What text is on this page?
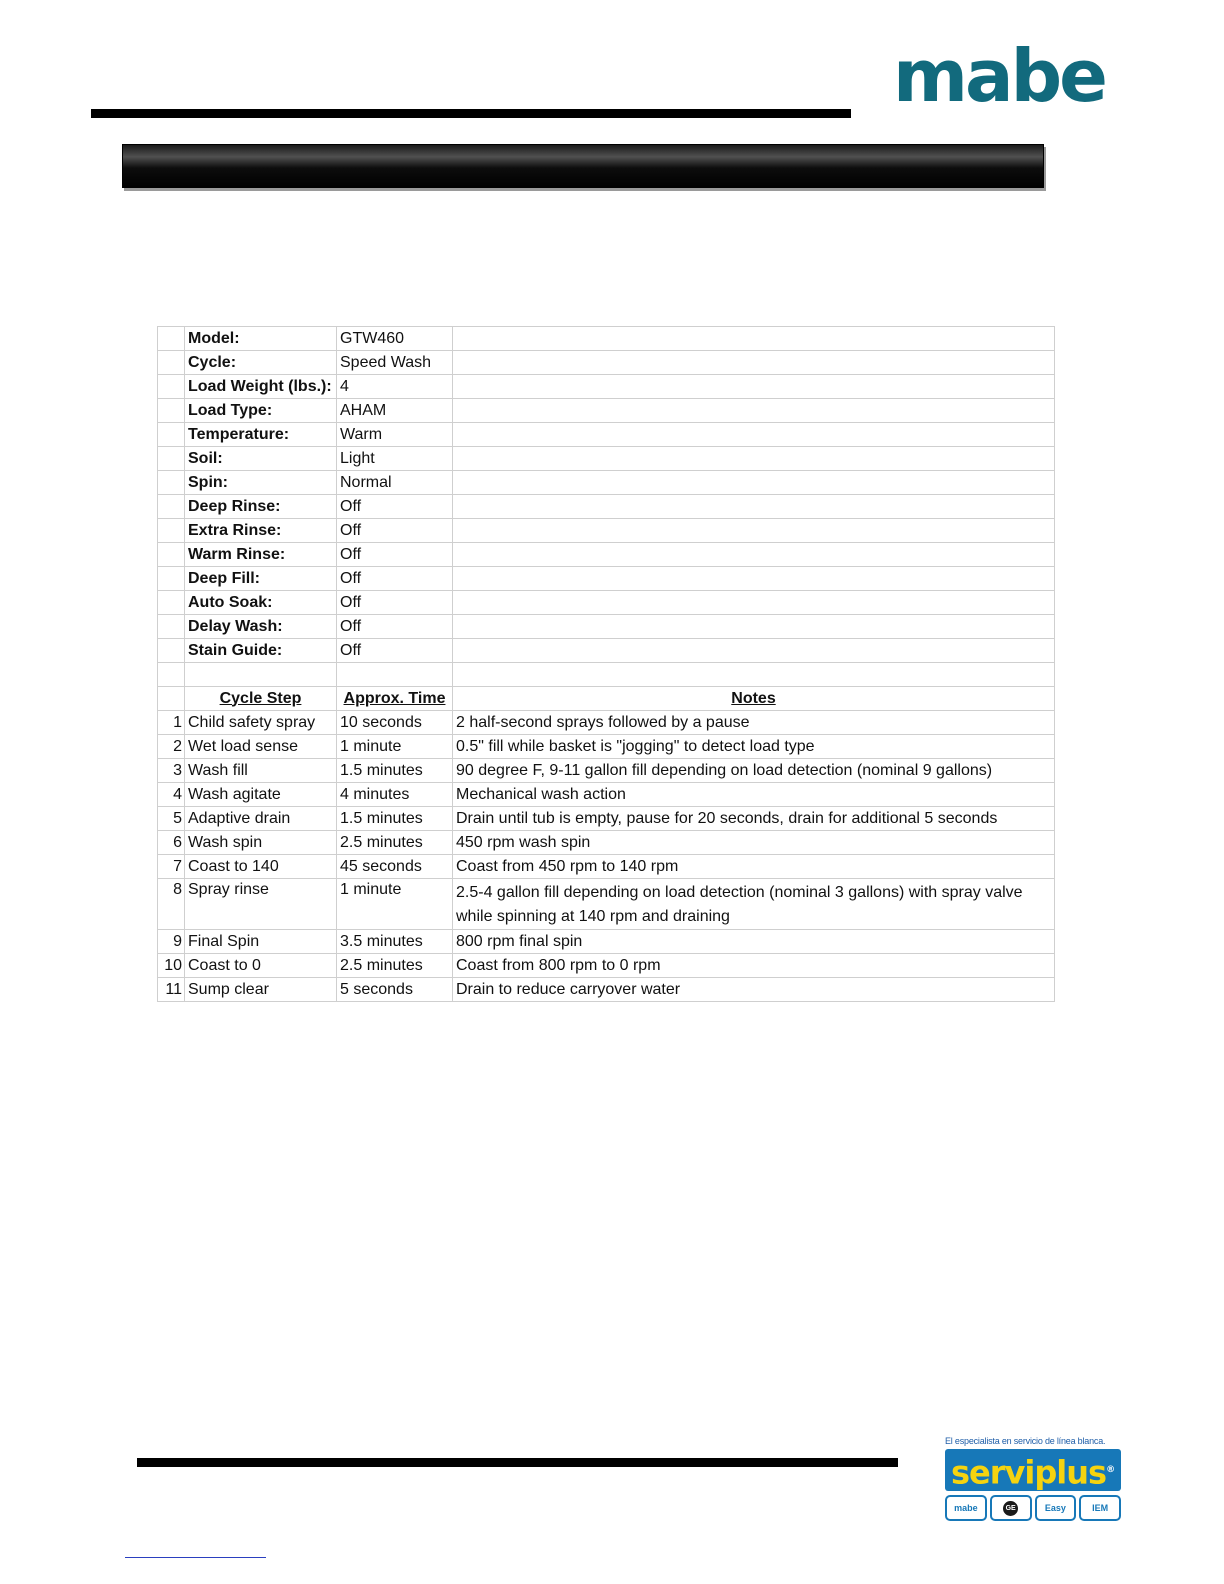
mabe
	Model:	GTW460	
	Cycle:	Speed Wash	
	Load Weight (lbs.):	4	
	Load Type:	AHAM	
	Temperature:	Warm	
	Soil:	Light	
	Spin:	Normal	
	Deep Rinse:	Off	
	Extra Rinse:	Off	
	Warm Rinse:	Off	
	Deep Fill:	Off	
	Auto Soak:	Off	
	Delay Wash:	Off	
	Stain Guide:	Off	

	Cycle Step	Approx. Time	Notes
1	Child safety spray	10 seconds	2 half-second sprays followed by a pause
2	Wet load sense	1 minute	0.5" fill while basket is "jogging" to detect load type
3	Wash fill	1.5 minutes	90 degree F, 9-11 gallon fill depending on load detection (nominal 9 gallons)
4	Wash agitate	4 minutes	Mechanical wash action
5	Adaptive drain	1.5 minutes	Drain until tub is empty, pause for 20 seconds, drain for additional 5 seconds
6	Wash spin	2.5 minutes	450 rpm wash spin
7	Coast to 140	45 seconds	Coast from 450 rpm to 140 rpm
8	Spray rinse	1 minute	2.5-4 gallon fill depending on load detection (nominal 3 gallons) with spray valve while spinning at 140 rpm and draining
9	Final Spin	3.5 minutes	800 rpm final spin
10	Coast to 0	2.5 minutes	Coast from 800 rpm to 0 rpm
11	Sump clear	5 seconds	Drain to reduce carryover water
El especialista en servicio de línea blanca.
serviplus®
mabe	GE	Easy	IEM
